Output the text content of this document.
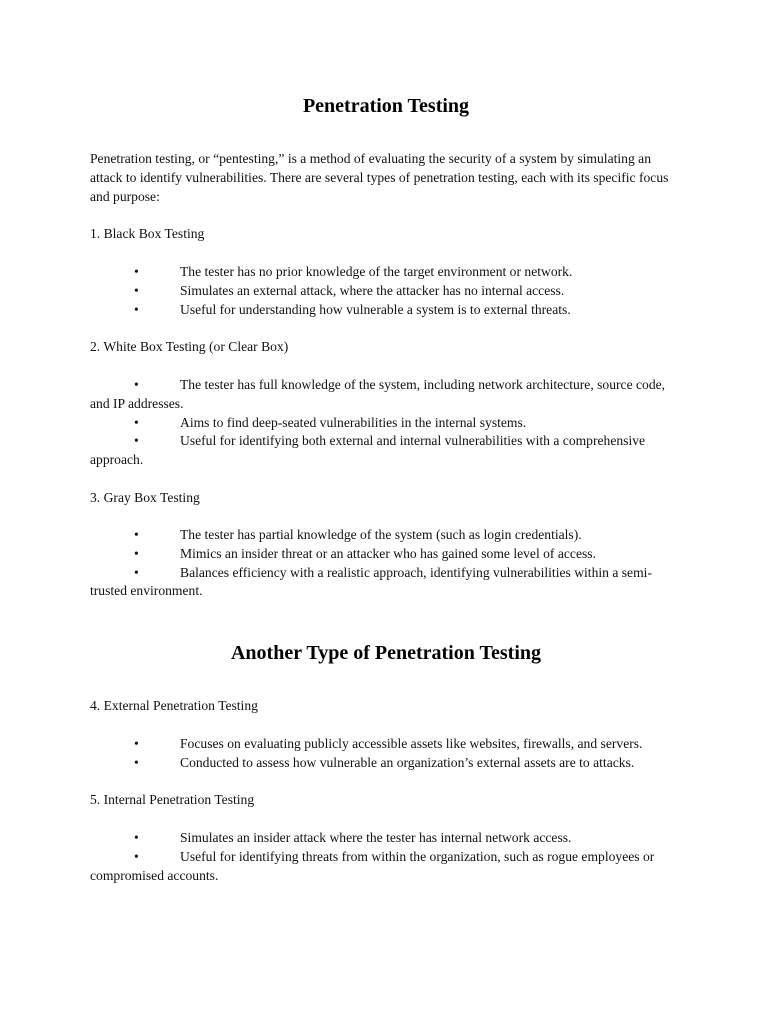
Penetration Testing

Penetration testing, or “pentesting,” is a method of evaluating the security of a system by simulating an attack to identify vulnerabilities. There are several types of penetration testing, each with its specific focus and purpose:

1. Black Box Testing

•	The tester has no prior knowledge of the target environment or network.

•	Simulates an external attack, where the attacker has no internal access.

•	Useful for understanding how vulnerable a system is to external threats.

2. White Box Testing (or Clear Box)

•	The tester has full knowledge of the system, including network architecture, source code, and IP addresses.

•	Aims to find deep-seated vulnerabilities in the internal systems.

•	Useful for identifying both external and internal vulnerabilities with a comprehensive approach.

3. Gray Box Testing

•	The tester has partial knowledge of the system (such as login credentials).

•	Mimics an insider threat or an attacker who has gained some level of access.

•	Balances efficiency with a realistic approach, identifying vulnerabilities within a semi-trusted environment.

Another Type of Penetration Testing

4. External Penetration Testing

•	Focuses on evaluating publicly accessible assets like websites, firewalls, and servers.

•	Conducted to assess how vulnerable an organization’s external assets are to attacks.

5. Internal Penetration Testing

•	Simulates an insider attack where the tester has internal network access.

•	Useful for identifying threats from within the organization, such as rogue employees or compromised accounts.
